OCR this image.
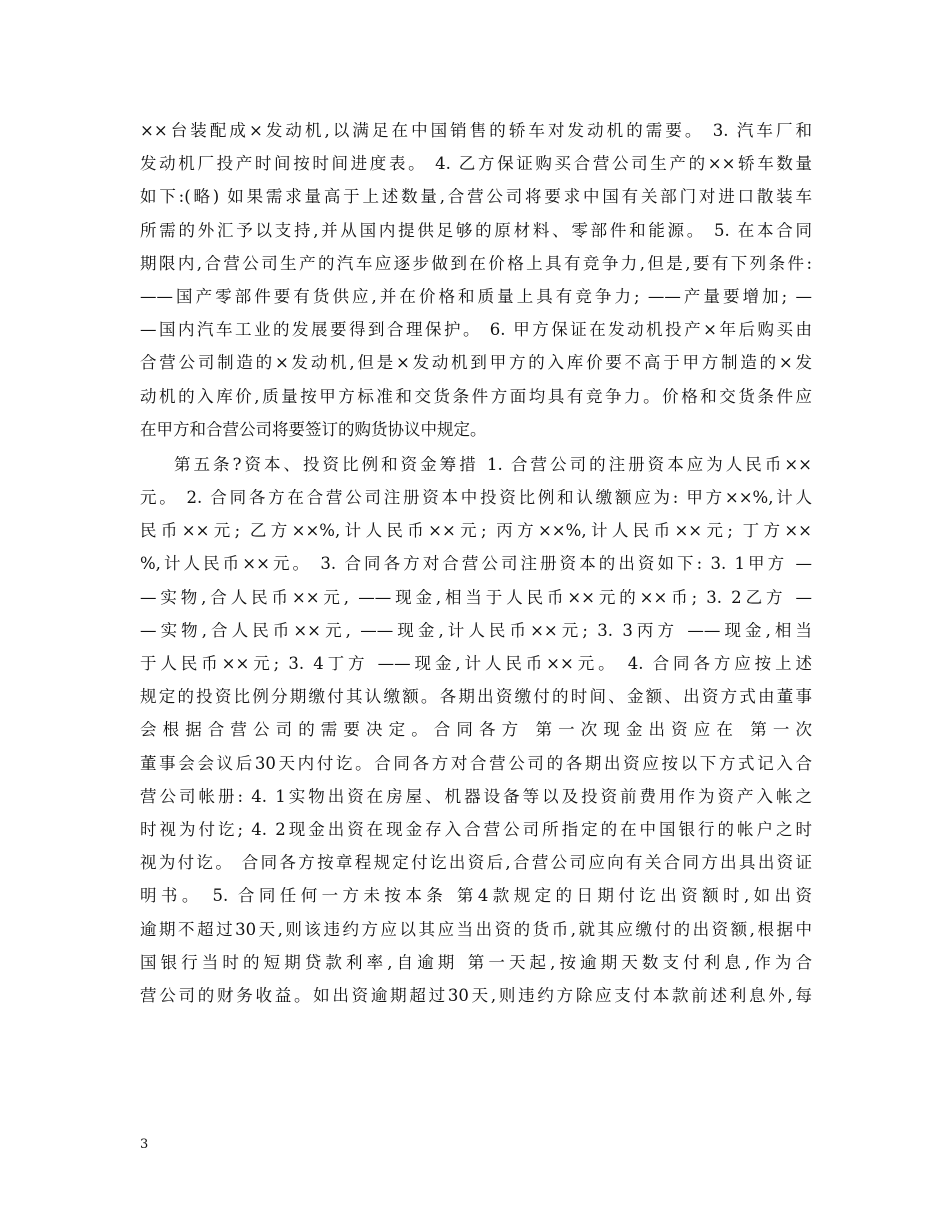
××台装配成×发动机,以满足在中国销售的轿车对发动机的需要。 3. 汽车厂和
发动机厂投产时间按时间进度表。 4. 乙方保证购买合营公司生产的××轿车数量
如下:(略) 如果需求量高于上述数量,合营公司将要求中国有关部门对进口散装车
所需的外汇予以支持,并从国内提供足够的原材料、零部件和能源。 5. 在本合同
期限内,合营公司生产的汽车应逐步做到在价格上具有竞争力,但是,要有下列条件:
——国产零部件要有货供应,并在价格和质量上具有竞争力; ——产量要增加; —
—国内汽车工业的发展要得到合理保护。 6. 甲方保证在发动机投产×年后购买由
合营公司制造的×发动机,但是×发动机到甲方的入库价要不高于甲方制造的×发
动机的入库价,质量按甲方标准和交货条件方面均具有竞争力。价格和交货条件应
在甲方和合营公司将要签订的购货协议中规定。
第五条?资本、投资比例和资金筹措 1. 合营公司的注册资本应为人民币××
元。 2. 合同各方在合营公司注册资本中投资比例和认缴额应为: 甲方××%,计人
民币××元; 乙方××%,计人民币××元; 丙方××%,计人民币××元; 丁方××
%,计人民币××元。 3. 合同各方对合营公司注册资本的出资如下: 3. 1甲方 —
—实物,合人民币××元, ——现金,相当于人民币××元的××币; 3. 2乙方 —
—实物,合人民币××元, ——现金,计人民币××元; 3. 3丙方 ——现金,相当
于人民币××元; 3. 4丁方 ——现金,计人民币××元。 4. 合同各方应按上述
规定的投资比例分期缴付其认缴额。各期出资缴付的时间、金额、出资方式由董事
会根据合营公司的需要决定。合同各方 第一次现金出资应在 第一次
董事会会议后30天内付讫。合同各方对合营公司的各期出资应按以下方式记入合
营公司帐册: 4. 1实物出资在房屋、机器设备等以及投资前费用作为资产入帐之
时视为付讫; 4. 2现金出资在现金存入合营公司所指定的在中国银行的帐户之时
视为付讫。 合同各方按章程规定付讫出资后,合营公司应向有关合同方出具出资证
明书。 5. 合同任何一方未按本条 第4款规定的日期付讫出资额时,如出资
逾期不超过30天,则该违约方应以其应当出资的货币,就其应缴付的出资额,根据中
国银行当时的短期贷款利率,自逾期 第一天起,按逾期天数支付利息,作为合
营公司的财务收益。如出资逾期超过30天,则违约方除应支付本款前述利息外,每
3
